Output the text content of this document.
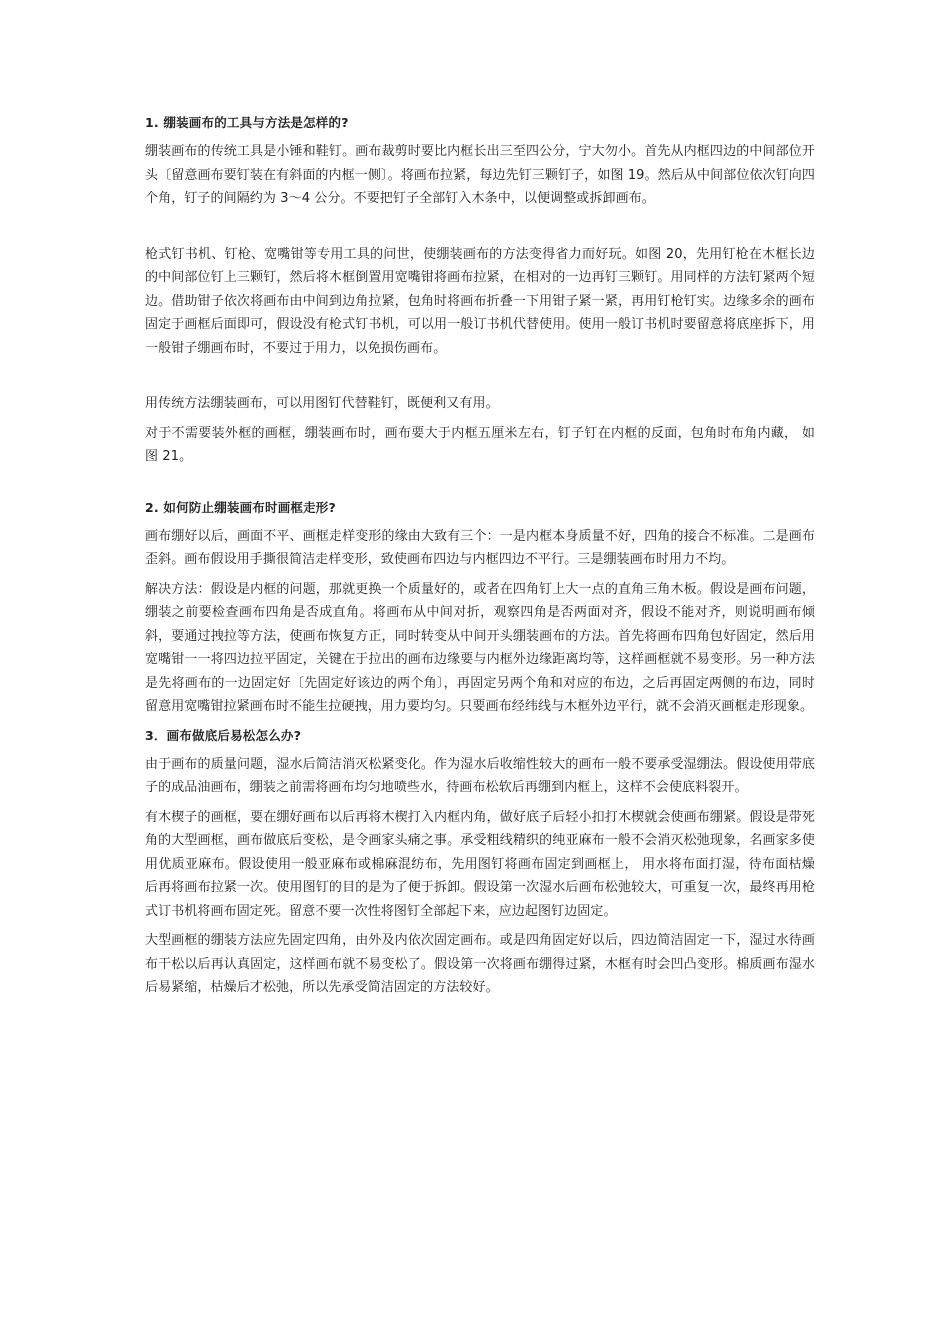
1. 绷装画布的工具与方法是怎样的?

绷装画布的传统工具是小锤和鞋钉。画布裁剪时要比内框长出三至四公分，宁大勿小。首先从内框四边的中间部位开头〔留意画布要钉装在有斜面的内框一侧〕。将画布拉紧，每边先钉三颗钉子，如图 19。然后从中间部位依次钉向四个角，钉子的间隔约为 3～4 公分。不要把钉子全部钉入木条中，以便调整或拆卸画布。

枪式钉书机、钉枪、宽嘴钳等专用工具的问世，使绷装画布的方法变得省力而好玩。如图 20，先用钉枪在木框长边的中间部位钉上三颗钉，然后将木框倒置用宽嘴钳将画布拉紧，在相对的一边再钉三颗钉。用同样的方法钉紧两个短边。借助钳子依次将画布由中间到边角拉紧，包角时将画布折叠一下用钳子紧一紧，再用钉枪钉实。边缘多余的画布固定于画框后面即可，假设没有枪式钉书机，可以用一般订书机代替使用。使用一般订书机时要留意将底座拆下，用一般钳子绷画布时，不要过于用力，以免损伤画布。

用传统方法绷装画布，可以用图钉代替鞋钉，既便利又有用。

对于不需要装外框的画框，绷装画布时，画布要大于内框五厘米左右，钉子钉在内框的反面，包角时布角内藏， 如图 21。

2. 如何防止绷装画布时画框走形?

画布绷好以后，画面不平、画框走样变形的缘由大致有三个：一是内框本身质量不好，四角的接合不标准。二是画布歪斜。画布假设用手撕很简洁走样变形，致使画布四边与内框四边不平行。三是绷装画布时用力不均。

解决方法：假设是内框的问题，那就更换一个质量好的，或者在四角钉上大一点的直角三角木板。假设是画布问题，绷装之前要检查画布四角是否成直角。将画布从中间对折，观察四角是否两面对齐，假设不能对齐，则说明画布倾斜，要通过拽拉等方法，使画布恢复方正，同时转变从中间开头绷装画布的方法。首先将画布四角包好固定，然后用宽嘴钳一一将四边拉平固定，关键在于拉出的画布边缘要与内框外边缘距离均等，这样画框就不易变形。另一种方法是先将画布的一边固定好〔先固定好该边的两个角〕，再固定另两个角和对应的布边，之后再固定两侧的布边，同时留意用宽嘴钳拉紧画布时不能生拉硬拽，用力要均匀。只要画布经纬线与木框外边平行，就不会消灭画框走形现象。

3．画布做底后易松怎么办?

由于画布的质量问题，湿水后简洁消灭松紧变化。作为湿水后收缩性较大的画布一般不要承受湿绷法。假设使用带底子的成品油画布，绷装之前需将画布均匀地喷些水，待画布松软后再绷到内框上，这样不会使底料裂开。

有木楔子的画框，要在绷好画布以后再将木楔打入内框内角，做好底子后轻小扣打木楔就会使画布绷紧。假设是带死角的大型画框，画布做底后变松，是令画家头痛之事。承受粗线精织的纯亚麻布一般不会消灭松弛现象，名画家多使用优质亚麻布。假设使用一般亚麻布或棉麻混纺布，先用图钉将画布固定到画框上， 用水将布面打湿，待布面枯燥后再将画布拉紧一次。使用图钉的目的是为了便于拆卸。假设第一次湿水后画布松弛较大，可重复一次，最终再用枪式订书机将画布固定死。留意不要一次性将图钉全部起下来，应边起图钉边固定。

大型画框的绷装方法应先固定四角，由外及内依次固定画布。或是四角固定好以后，四边简洁固定一下，湿过水待画布干松以后再认真固定，这样画布就不易变松了。假设第一次将画布绷得过紧，木框有时会凹凸变形。棉质画布湿水后易紧缩，枯燥后才松弛，所以先承受简洁固定的方法较好。
